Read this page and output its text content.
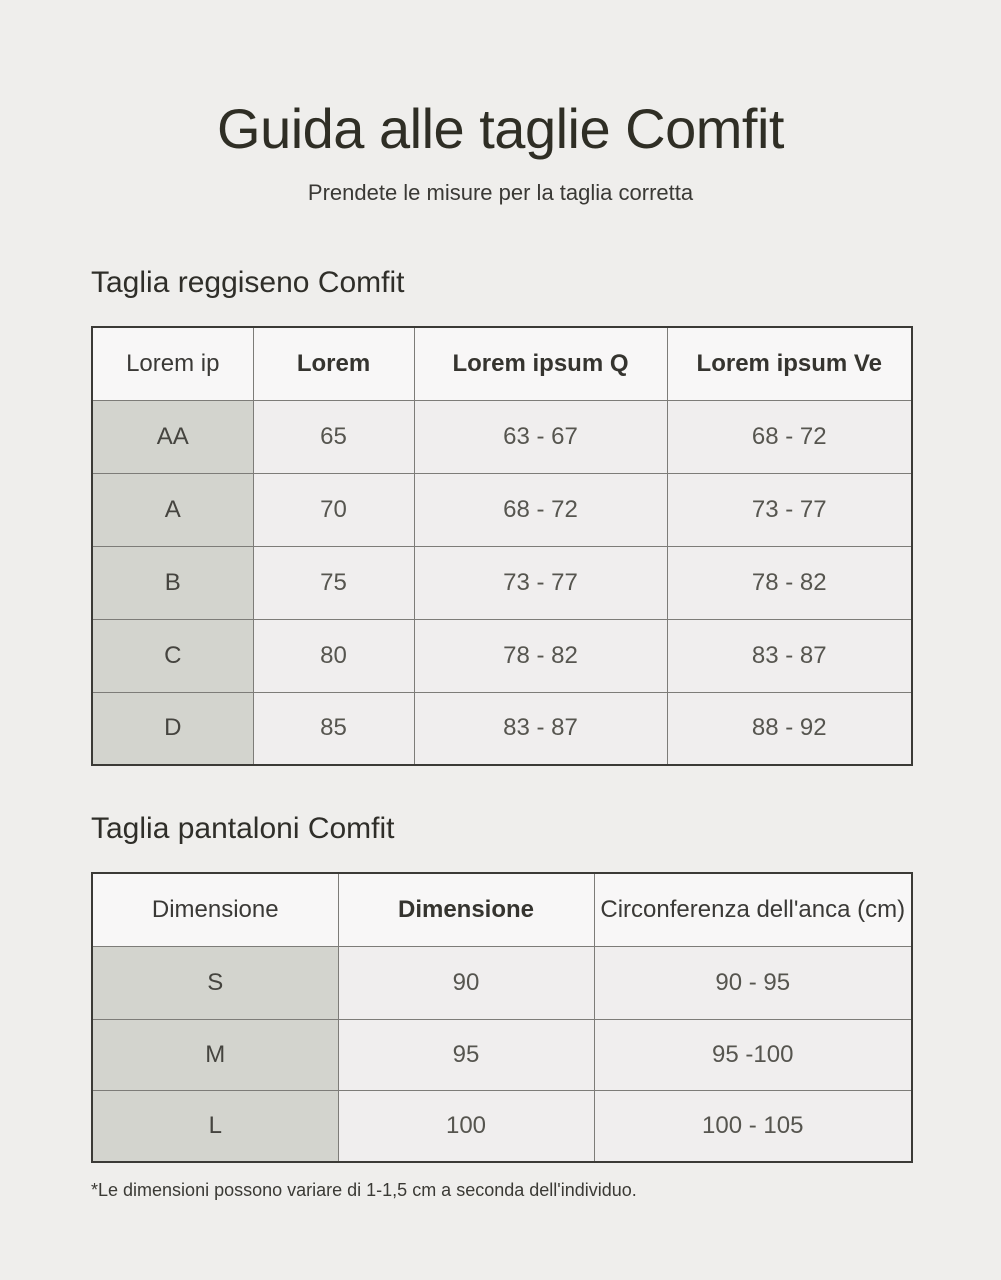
Guida alle taglie Comfit
Prendete le misure per la taglia corretta
Taglia reggiseno Comfit
Lorem ip	Lorem	Lorem ipsum Q	Lorem ipsum Ve
AA	65	63 - 67	68 - 72
A	70	68 - 72	73 - 77
B	75	73 - 77	78 - 82
C	80	78 - 82	83 - 87
D	85	83 - 87	88 - 92
Taglia pantaloni Comfit
Dimensione	Dimensione	Circonferenza dell'anca (cm)
S	90	90 - 95
M	95	95 -100
L	100	100 - 105
*Le dimensioni possono variare di 1-1,5 cm a seconda dell'individuo.
